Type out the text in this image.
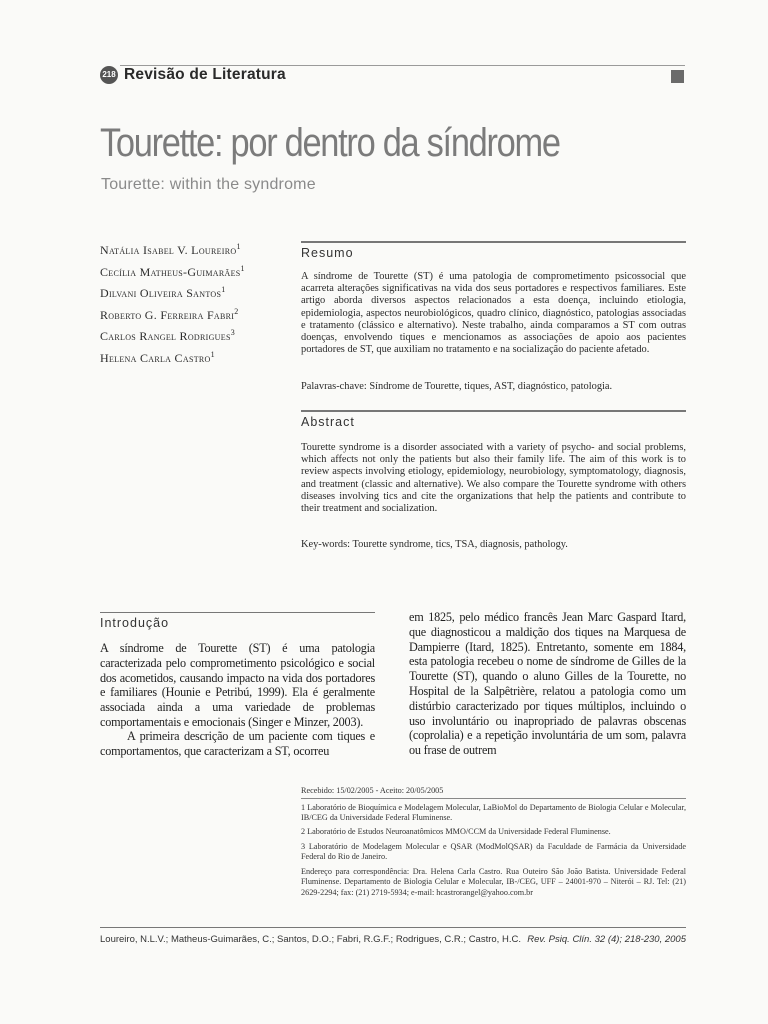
218 Revisão de Literatura
Tourette: por dentro da síndrome
Tourette: within the syndrome
Natália Isabel V. Loureiro$^1$
Cecília Matheus-Guimarães$^1$
Dilvani Oliveira Santos$^1$
Roberto G. Ferreira Fabri$^2$
Carlos Rangel Rodrigues$^3$
Helena Carla Castro$^1$
Resumo
A síndrome de Tourette (ST) é uma patologia de comprometimento psicossocial que acarreta alterações significativas na vida dos seus portadores e respectivos familiares. Este artigo aborda diversos aspectos relacionados a esta doença, incluindo etiologia, epidemiologia, aspectos neurobiológicos, quadro clínico, diagnóstico, patologias associadas e tratamento (clássico e alternativo). Neste trabalho, ainda comparamos a ST com outras doenças, envolvendo tiques e mencionamos as associações de apoio aos pacientes portadores de ST, que auxiliam no tratamento e na socialização do paciente afetado.
Palavras-chave: Síndrome de Tourette, tiques, AST, diagnóstico, patologia.
Abstract
Tourette syndrome is a disorder associated with a variety of psycho- and social problems, which affects not only the patients but also their family life. The aim of this work is to review aspects involving etiology, epidemiology, neurobiology, symptomatology, diagnosis, and treatment (classic and alternative). We also compare the Tourette syndrome with others diseases involving tics and cite the organizations that help the patients and contribute to their treatment and socialization.
Key-words: Tourette syndrome, tics, TSA, diagnosis, pathology.
Introdução
A síndrome de Tourette (ST) é uma patologia caracterizada pelo comprometimento psicológico e social dos acometidos, causando impacto na vida dos portadores e familiares (Hounie e Petribú, 1999). Ela é geralmente associada ainda a uma variedade de problemas comportamentais e emocionais (Singer e Minzer, 2003).
A primeira descrição de um paciente com tiques e comportamentos, que caracterizam a ST, ocorreu
em 1825, pelo médico francês Jean Marc Gaspard Itard, que diagnosticou a maldição dos tiques na Marquesa de Dampierre (Itard, 1825). Entretanto, somente em 1884, esta patologia recebeu o nome de síndrome de Gilles de la Tourette (ST), quando o aluno Gilles de la Tourette, no Hospital de la Salpêtrière, relatou a patologia como um distúrbio caracterizado por tiques múltiplos, incluindo o uso involuntário ou inapropriado de palavras obscenas (coprolalia) e a repetição involuntária de um som, palavra ou frase de outrem
Recebido: 15/02/2005 - Aceito: 20/05/2005
1 Laboratório de Bioquímica e Modelagem Molecular, LaBioMol do Departamento de Biologia Celular e Molecular, IB/CEG da Universidade Federal Fluminense.
2 Laboratório de Estudos Neuroanatômicos MMO/CCM da Universidade Federal Fluminense.
3 Laboratório de Modelagem Molecular e QSAR (ModMolQSAR) da Faculdade de Farmácia da Universidade Federal do Rio de Janeiro.
Endereço para correspondência: Dra. Helena Carla Castro. Rua Outeiro São João Batista. Universidade Federal Fluminense. Departamento de Biologia Celular e Molecular, IB-/CEG, UFF – 24001-970 – Niterói – RJ. Tel: (21) 2629-2294; fax: (21) 2719-5934; e-mail: hcastrorangel@yahoo.com.br
Loureiro, N.L.V.; Matheus-Guimarães, C.; Santos, D.O.; Fabri, R.G.F.; Rodrigues, C.R.; Castro, H.C. Rev. Psiq. Clín. 32 (4); 218-230, 2005
